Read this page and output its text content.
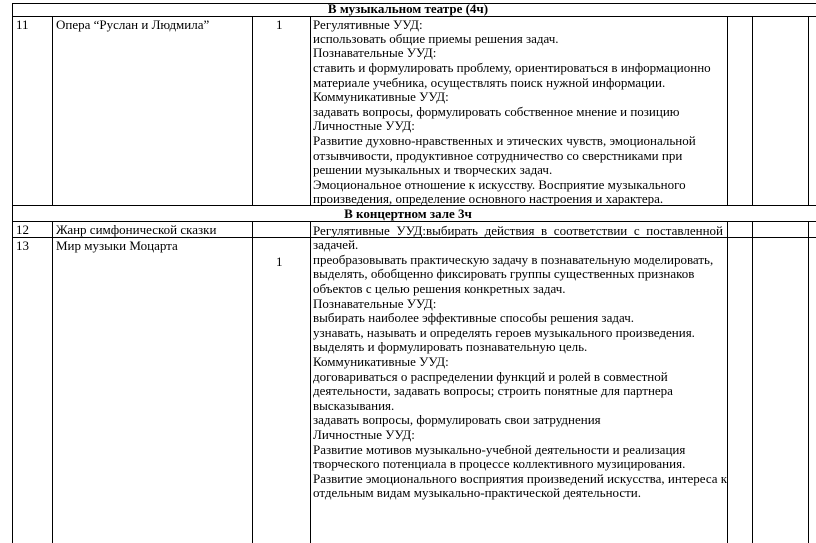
В музыкальном театре (4ч)
11 Опера “Руслан и Людмила”	1 Регулятивные УУД:
использовать общие приемы решения задач.
Познавательные УУД:
ставить и формулировать проблему, ориентироваться в информационно
материале учебника, осуществлять поиск нужной информации.
Коммуникативные УУД:
задавать вопросы, формулировать собственное мнение и позицию
Личностные УУД:
Развитие духовно-нравственных и этических чувств, эмоциональной
отзывчивости, продуктивное сотрудничество со сверстниками при
решении музыкальных и творческих задач.
Эмоциональное отношение к искусству. Восприятие музыкального
произведения, определение основного настроения и характера.
В концертном зале 3ч
12 Жанр симфонической сказки
13 Мир музыки Моцарта
1
Регулятивные УУД:выбирать действия в соответствии с поставленной
задачей.
преобразовывать практическую задачу в познавательную моделировать,
выделять, обобщенно фиксировать группы существенных признаков
объектов с целью решения конкретных задач.
Познавательные УУД:
выбирать наиболее эффективные способы решения задач.
узнавать, называть и определять героев музыкального произведения.
выделять и формулировать познавательную цель.
Коммуникативные УУД:
договариваться о распределении функций и ролей в совместной
деятельности, задавать вопросы; строить понятные для партнера
высказывания.
задавать вопросы, формулировать свои затруднения
Личностные УУД:
Развитие мотивов музыкально-учебной деятельности и реализация
творческого потенциала в процессе коллективного музицирования.
Развитие эмоционального восприятия произведений искусства, интереса к
отдельным видам музыкально-практической деятельности.
